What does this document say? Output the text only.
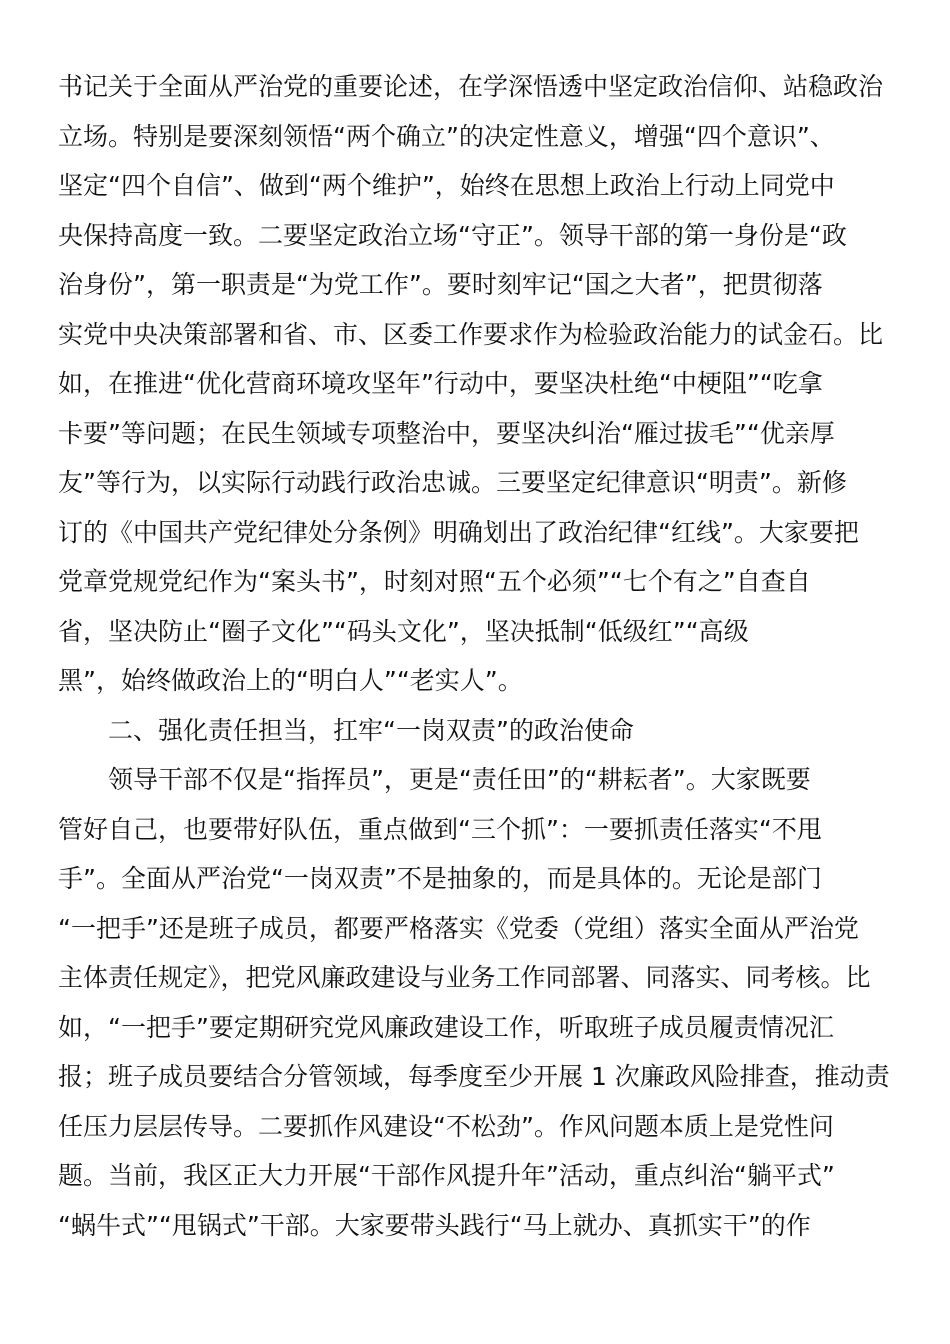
书记关于全面从严治党的重要论述，在学深悟透中坚定政治信仰、站稳政治
立场。特别是要深刻领悟“两个确立”的决定性意义，增强“四个意识”、
坚定“四个自信”、做到“两个维护”，始终在思想上政治上行动上同党中
央保持高度一致。二要坚定政治立场“守正”。领导干部的第一身份是“政
治身份”，第一职责是“为党工作”。要时刻牢记“国之大者”，把贯彻落
实党中央决策部署和省、市、区委工作要求作为检验政治能力的试金石。比
如，在推进“优化营商环境攻坚年”行动中，要坚决杜绝“中梗阻”“吃拿
卡要”等问题；在民生领域专项整治中，要坚决纠治“雁过拔毛”“优亲厚
友”等行为，以实际行动践行政治忠诚。三要坚定纪律意识“明责”。新修
订的《中国共产党纪律处分条例》明确划出了政治纪律“红线”。大家要把
党章党规党纪作为“案头书”，时刻对照“五个必须”“七个有之”自查自
省，坚决防止“圈子文化”“码头文化”，坚决抵制“低级红”“高级
黑”，始终做政治上的“明白人”“老实人”。
二、强化责任担当，扛牢“一岗双责”的政治使命
领导干部不仅是“指挥员”，更是“责任田”的“耕耘者”。大家既要
管好自己，也要带好队伍，重点做到“三个抓”：一要抓责任落实“不甩
手”。全面从严治党“一岗双责”不是抽象的，而是具体的。无论是部门
“一把手”还是班子成员，都要严格落实《党委（党组）落实全面从严治党
主体责任规定》，把党风廉政建设与业务工作同部署、同落实、同考核。比
如，“一把手”要定期研究党风廉政建设工作，听取班子成员履责情况汇
报；班子成员要结合分管领域，每季度至少开展 1 次廉政风险排查，推动责
任压力层层传导。二要抓作风建设“不松劲”。作风问题本质上是党性问
题。当前，我区正大力开展“干部作风提升年”活动，重点纠治“躺平式”
“蜗牛式”“甩锅式”干部。大家要带头践行“马上就办、真抓实干”的作
